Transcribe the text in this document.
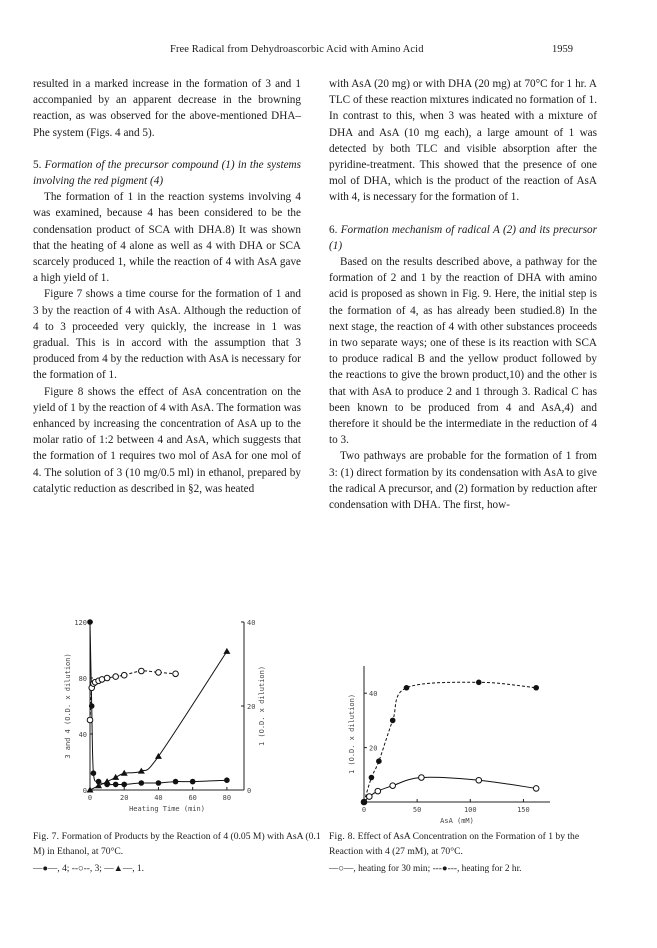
Free Radical from Dehydroascorbic Acid with Amino Acid	1959

resulted in a marked increase in the formation of 3 and 1 accompanied by an apparent decrease in the browning reaction, as was observed for the above-mentioned DHA–Phe system (Figs. 4 and 5).

5. Formation of the precursor compound (1) in the systems involving the red pigment (4)

The formation of 1 in the reaction systems involving 4 was examined, because 4 has been considered to be the condensation product of SCA with DHA.8) It was shown that the heating of 4 alone as well as 4 with DHA or SCA scarcely produced 1, while the reaction of 4 with AsA gave a high yield of 1.

Figure 7 shows a time course for the formation of 1 and 3 by the reaction of 4 with AsA. Although the reduction of 4 to 3 proceeded very quickly, the increase in 1 was gradual. This is in accord with the assumption that 3 produced from 4 by the reduction with AsA is necessary for the formation of 1.

Figure 8 shows the effect of AsA concentration on the yield of 1 by the reaction of 4 with AsA. The formation was enhanced by increasing the concentration of AsA up to the molar ratio of 1:2 between 4 and AsA, which suggests that the formation of 1 requires two mol of AsA for one mol of 4. The solution of 3 (10 mg/0.5 ml) in ethanol, prepared by catalytic reduction as described in §2, was heated

with AsA (20 mg) or with DHA (20 mg) at 70°C for 1 hr. A TLC of these reaction mixtures indicated no formation of 1. In contrast to this, when 3 was heated with a mixture of DHA and AsA (10 mg each), a large amount of 1 was detected by both TLC and visible absorption after the pyridine-treatment. This showed that the presence of one mol of DHA, which is the product of the reaction of AsA with 4, is necessary for the formation of 1.

6. Formation mechanism of radical A (2) and its precursor (1)

Based on the results described above, a pathway for the formation of 2 and 1 by the reaction of DHA with amino acid is proposed as shown in Fig. 9. Here, the initial step is the formation of 4, as has already been studied.8) In the next stage, the reaction of 4 with other substances proceeds in two separate ways; one of these is its reaction with SCA to produce radical B and the yellow product followed by the reactions to give the brown product,10) and the other is that with AsA to produce 2 and 1 through 3. Radical C has been known to be produced from 4 and AsA,4) and therefore it should be the intermediate in the reduction of 4 to 3.

Two pathways are probable for the formation of 1 from 3: (1) direct formation by its condensation with AsA to give the radical A precursor, and (2) formation by reduction after condensation with DHA. The first, how-

0	20	40	60	80
0
40
80
120
0
20
40
Heating Time (min)
3 and 4 (O.D. x dilution)	1 (O.D. x dilution)
Fig. 7. Formation of Products by the Reaction of 4 (0.05 M) with AsA (0.1 M) in Ethanol, at 70°C.
—●—, 4; --○--, 3; —▲—, 1.
0	50	100	150
20
40
AsA (mM)
1 (O.D. x dilution)
Fig. 8. Effect of AsA Concentration on the Formation of 1 by the Reaction with 4 (27 mM), at 70°C.
—○—, heating for 30 min; ---●---, heating for 2 hr.
